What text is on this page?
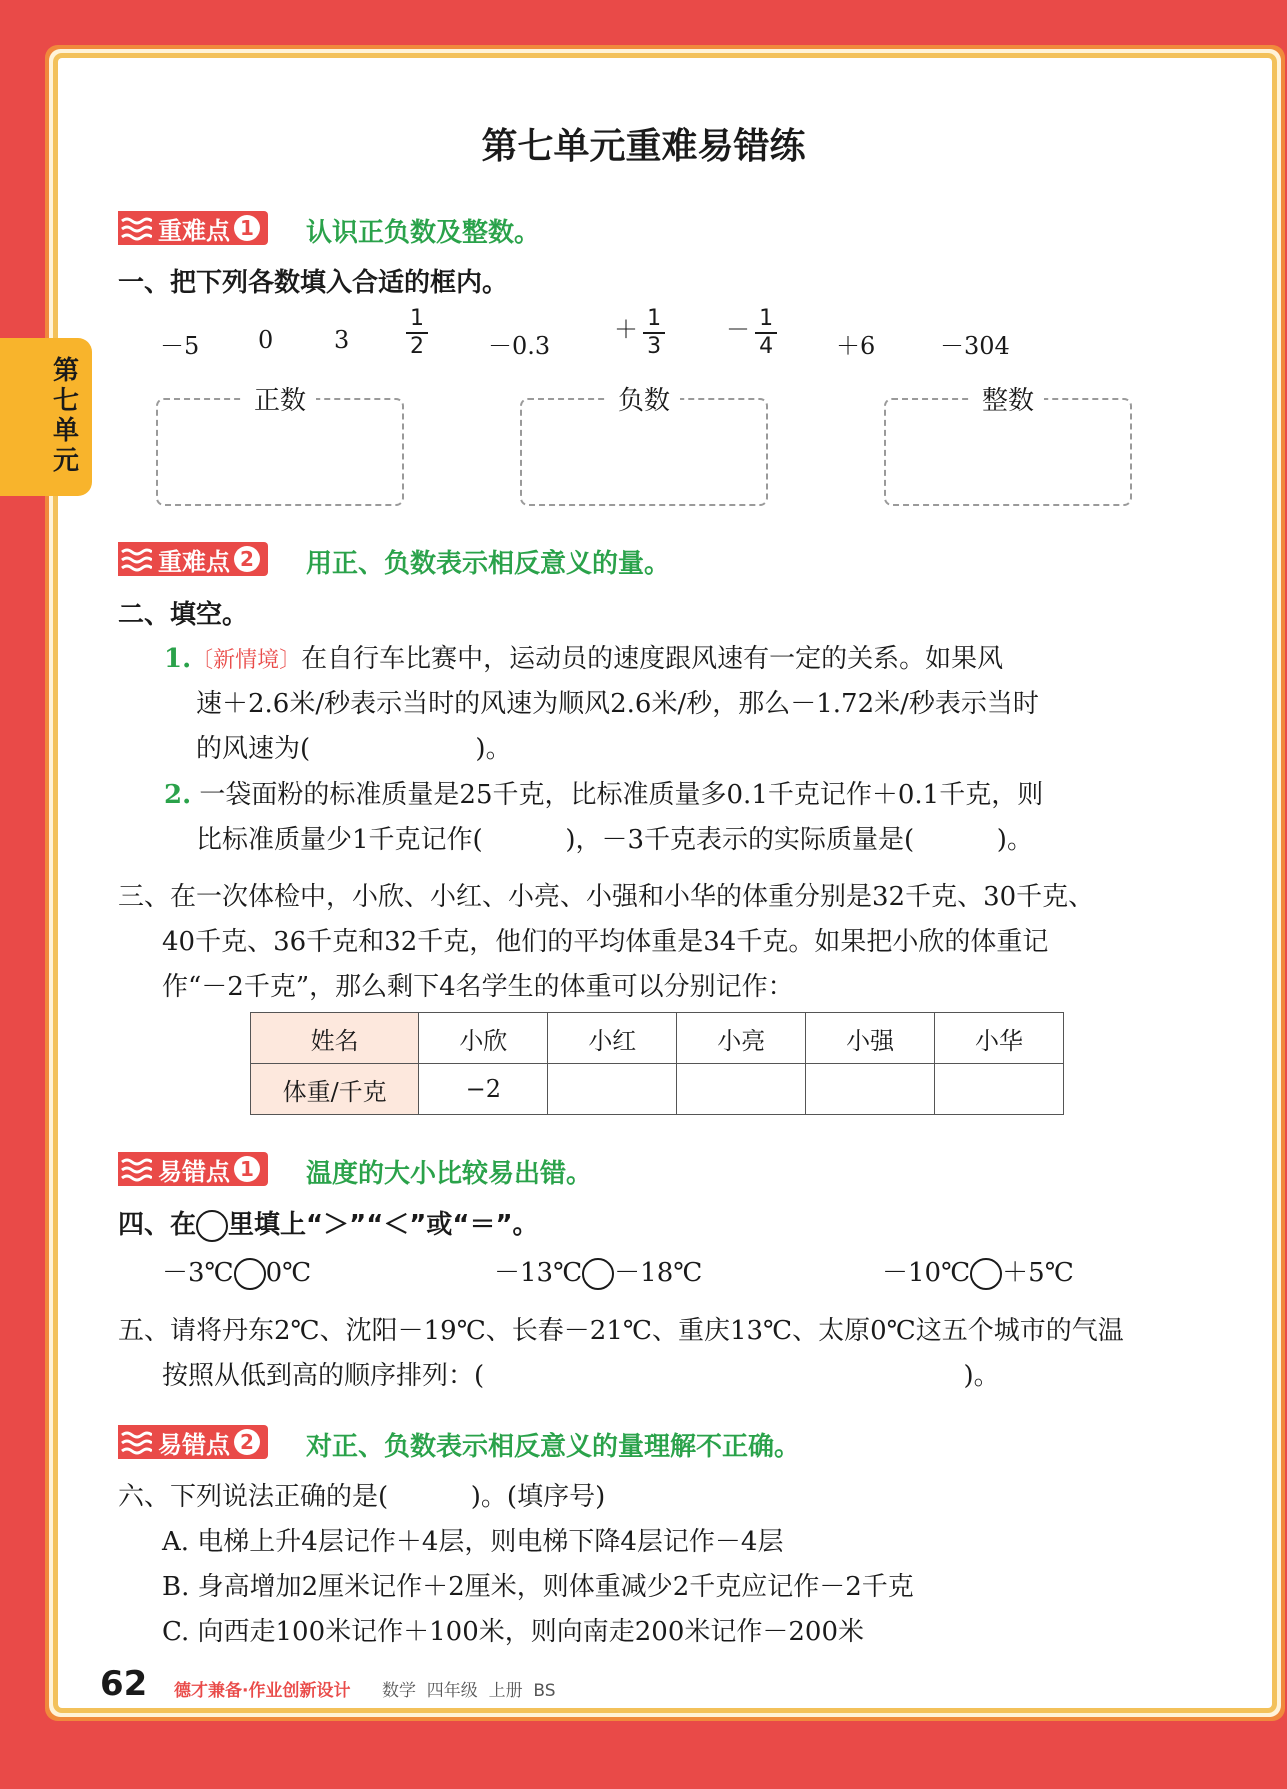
第七单元
第七单元重难易错练
重难点 1 认识正负数及整数。
一、把下列各数填入合适的框内。
－5 0	3	$\frac{1}{2}$	－0.3
＋ $\frac{1}{3}$	－ $\frac{1}{4} +6$	－304
正数	负数	整数
重难点 2 用正、负数表示相反意义的量。
二、填空。
1.〔新情境〕在自行车比赛中，运动员的速度跟风速有一定的关系。如果风
速＋2.6米/秒表示当时的风速为顺风2.6米/秒，那么－1.72米/秒表示当时
的风速为(                    )。
2. 一袋面粉的标准质量是25千克，比标准质量多0.1千克记作＋0.1千克，则
比标准质量少1千克记作(          )，－3千克表示的实际质量是(          )。
三、在一次体检中，小欣、小红、小亮、小强和小华的体重分别是32千克、30千克、
40千克、36千克和32千克，他们的平均体重是34千克。如果把小欣的体重记
作“－2千克”，那么剩下4名学生的体重可以分别记作：
姓名	小欣	小红	小亮	小强	小华
体重/千克	−2				
易错点 1 温度的大小比较易出错。
四、在 里填上“＞”“＜”或“＝”。
－3℃ 0℃	－13℃ －18℃	－10℃ ＋5℃
五、请将丹东2℃、沈阳－19℃、长春－21℃、重庆13℃、太原0℃这五个城市的气温
按照从低到高的顺序排列：(                                                          )。
易错点 2 对正、负数表示相反意义的量理解不正确。
六、下列说法正确的是(          )。(填序号)
A. 电梯上升4层记作＋4层，则电梯下降4层记作－4层
B. 身高增加2厘米记作＋2厘米，则体重减少2千克应记作－2千克
C. 向西走100米记作＋100米，则向南走200米记作－200米
62 德才兼备·作业创新设计 数学  四年级  上册  BS
